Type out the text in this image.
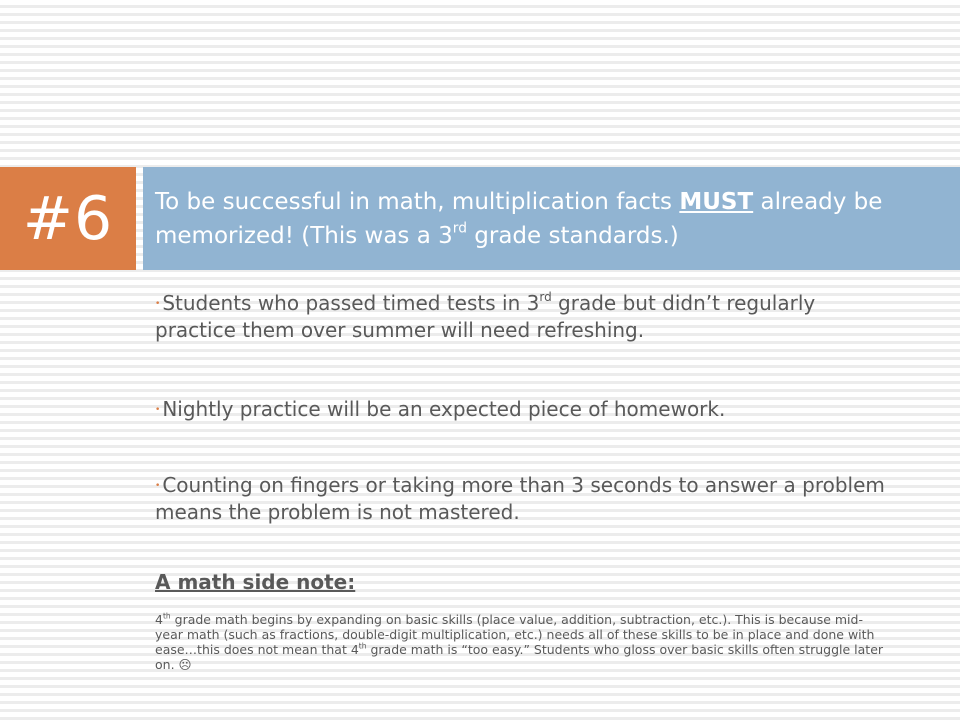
#6	To be successful in math, multiplication facts MUST already be memorized! (This was a 3rd grade standards.)
• Students who passed timed tests in 3rd grade but didn’t regularly practice them over summer will need refreshing.
• Nightly practice will be an expected piece of homework.
• Counting on fingers or taking more than 3 seconds to answer a problem means the problem is not mastered.
A math side note:
4th grade math begins by expanding on basic skills (place value, addition, subtraction, etc.). This is because mid-year math (such as fractions, double-digit multiplication, etc.) needs all of these skills to be in place and done with ease…this does not mean that 4th grade math is “too easy.” Students who gloss over basic skills often struggle later on. ☹
